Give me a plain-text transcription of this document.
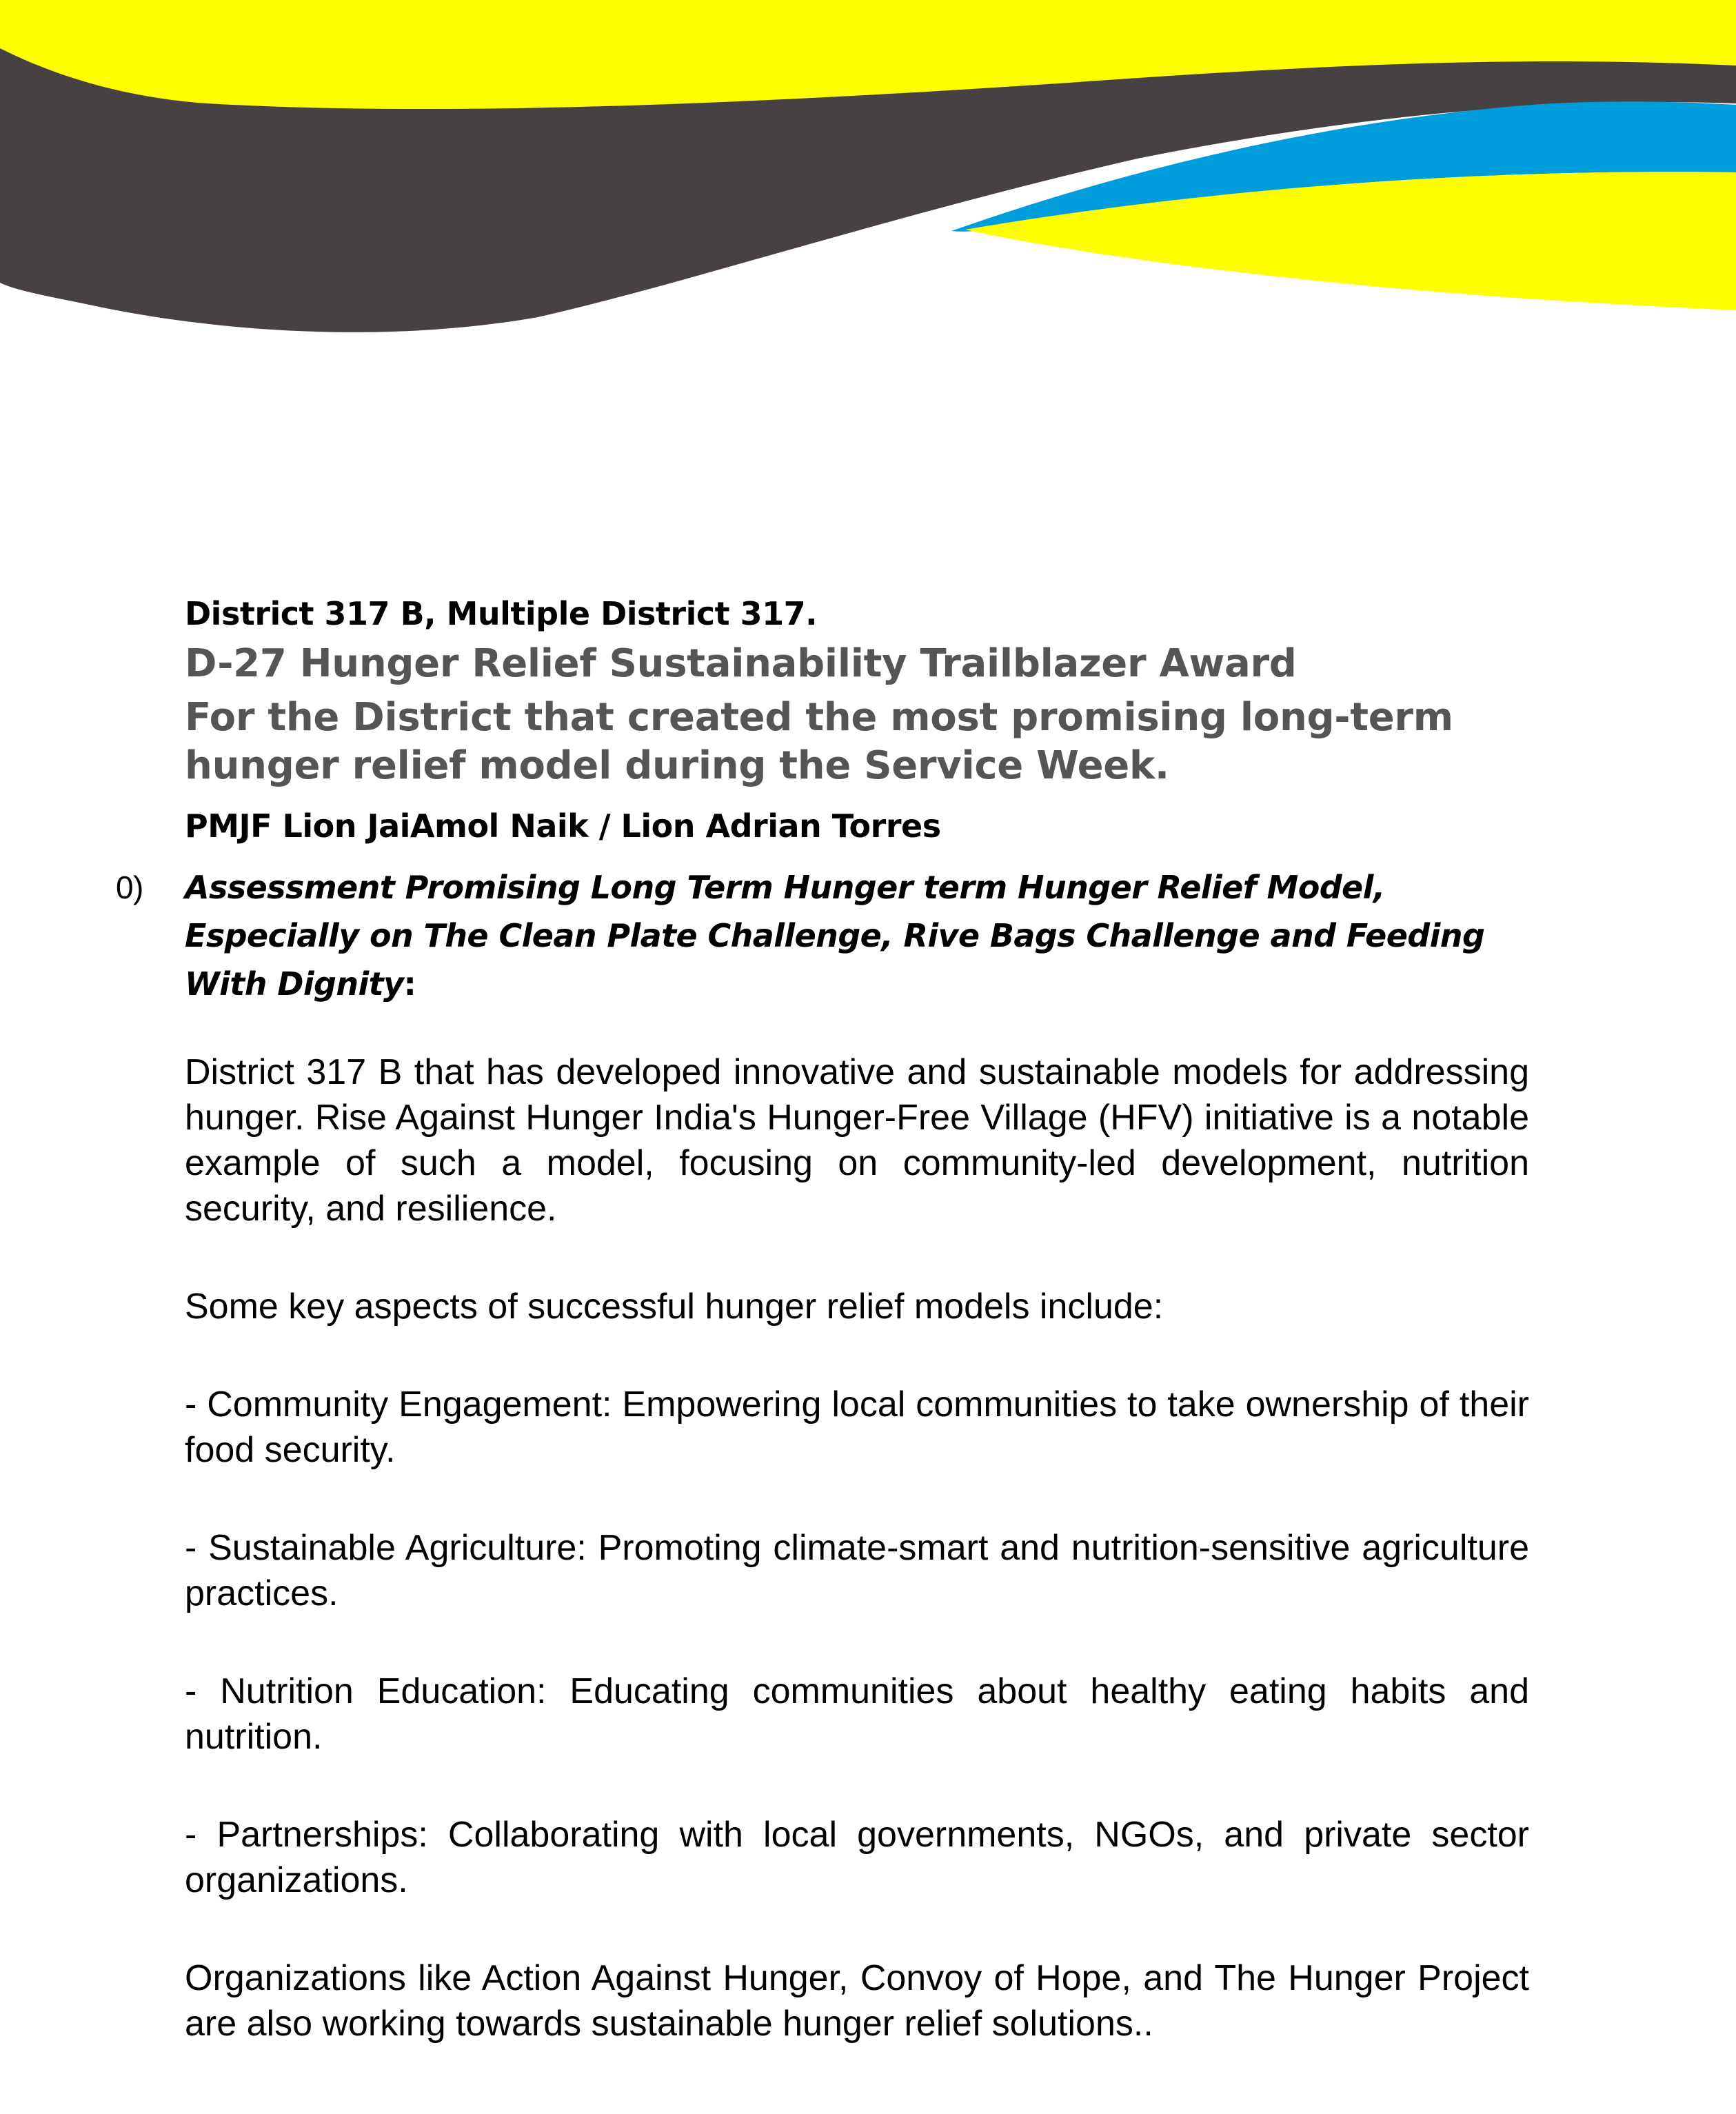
District 317 B, Multiple District 317.
D-27 Hunger Relief Sustainability Trailblazer Award
For the District that created the most promising long-term hunger relief model during the Service Week.
PMJF Lion JaiAmol Naik / Lion Adrian Torres
0) Assessment Promising Long Term Hunger term Hunger Relief Model, Especially on The Clean Plate Challenge, Rive Bags Challenge and Feeding With Dignity:

District 317 B that has developed innovative and sustainable models for addressing hunger. Rise Against Hunger India's Hunger-Free Village (HFV) initiative is a notable example of such a model, focusing on community-led development, nutrition security, and resilience.

Some key aspects of successful hunger relief models include:

- Community Engagement: Empowering local communities to take ownership of their food security.

- Sustainable Agriculture: Promoting climate-smart and nutrition-sensitive agriculture practices.

- Nutrition Education: Educating communities about healthy eating habits and nutrition.

- Partnerships: Collaborating with local governments, NGOs, and private sector organizations.

Organizations like Action Against Hunger, Convoy of Hope, and The Hunger Project are also working towards sustainable hunger relief solutions..
